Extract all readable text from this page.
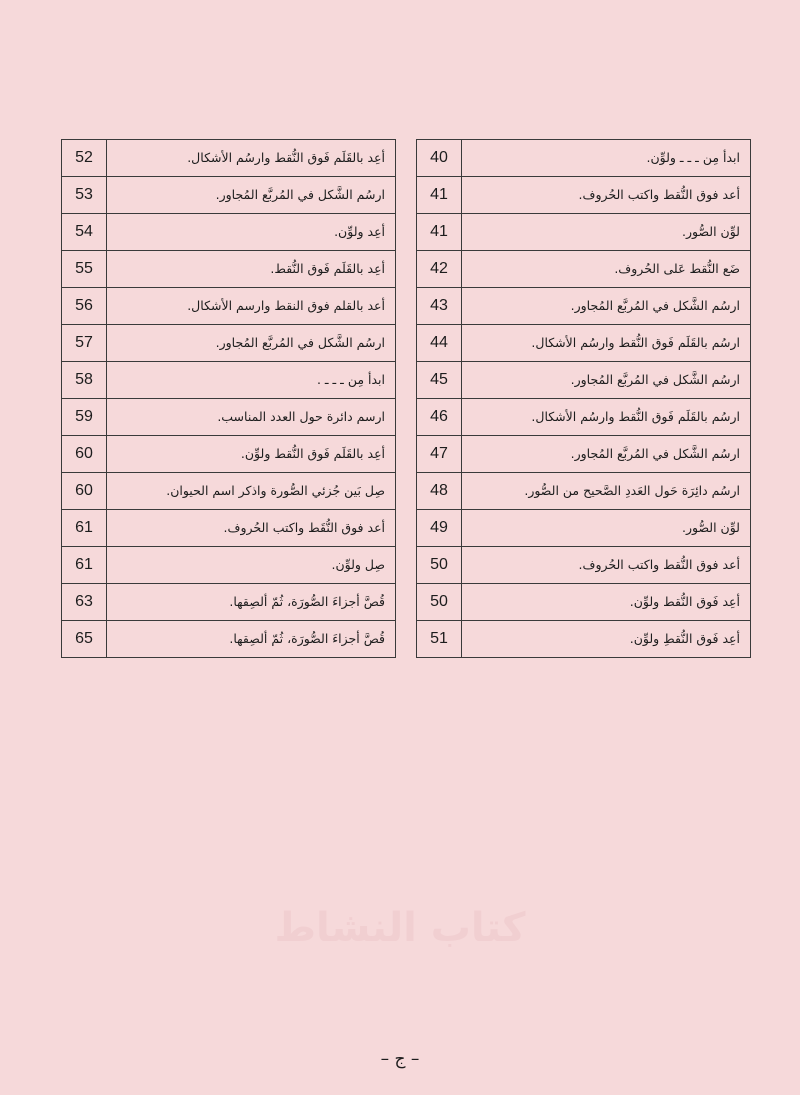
52	أعِد بالقَلَم فَوق النُّقط وارسُم الأشكال.
53	ارسُم الشَّكل في المُربَّع المُجاور.
54	أعِد ولوِّن.
55	أعِد بالقَلَم فَوق النُّقط.
56	أعد بالقلم فوق النقط وارسم الأشكال.
57	ارسُم الشَّكل في المُربَّع المُجاور.
58	ابدأ مِن ـ ـ ـ .
59	ارسم دائرة حول العدد المناسب.
60	أعِد بالقَلَم فَوق النُّقط ولوِّن.
60	صِل بَين جُزئي الصُّورة واذكر اسم الحيوان.
61	أعد فوق النُّقَط واكتب الحُروف.
61	صِل ولوِّن.
63	قُصَّ أجزاءَ الصُّورَة، ثُمّ ألصِقها.
65	قُصَّ أجزاءَ الصُّورَة، ثُمّ ألصِقها.
40	ابدأ مِن ـ ـ ـ ولوِّن.
41	أعد فوق النُّقط واكتب الحُروف.
41	لوِّن الصُّور.
42	ضَع النُّقط عَلى الحُروف.
43	ارسُم الشَّكل في المُربَّع المُجاور.
44	ارسُم بالقَلَم فَوق النُّقط وارسُم الأشكال.
45	ارسُم الشَّكل في المُربَّع المُجاور.
46	ارسُم بالقَلَم فَوق النُّقط وارسُم الأشكال.
47	ارسُم الشَّكل في المُربَّع المُجاور.
48	ارسُم دائِرَة حَول العَددِ الصَّحيح من الصُّور.
49	لوِّن الصُّور.
50	أعد فوق النُّقط واكتب الحُروف.
50	أعِد فَوق النُّقط ولوِّن.
51	أعِد فَوق النُّقطِ ولوِّن.
كتاب النشاط
– ج –
